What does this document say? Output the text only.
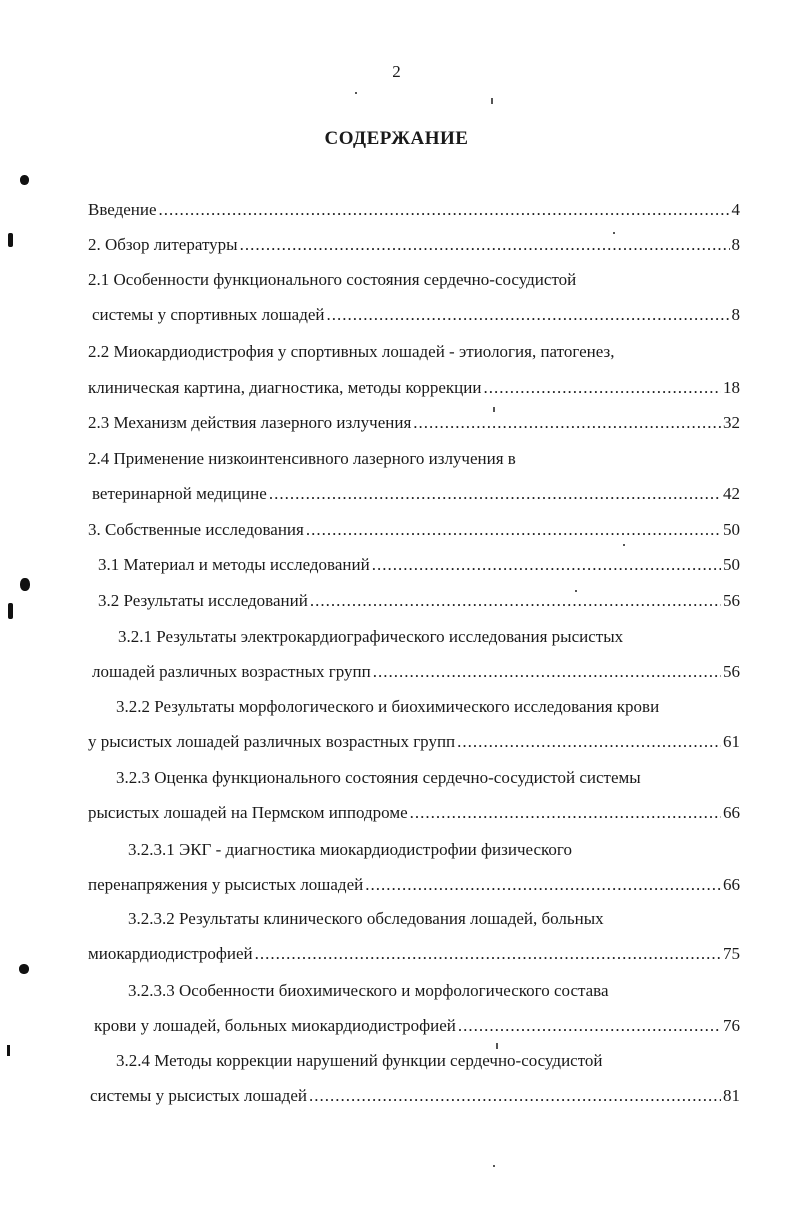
2
СОДЕРЖАНИЕ
Введение .....	4
2. Обзор литературы .....	8
2.1 Особенности функционального состояния сердечно-сосудистой
системы у спортивных лошадей .....	8
2.2 Миокардиодистрофия у спортивных лошадей - этиология, патогенез,
клиническая картина, диагностика, методы коррекции .....	18
2.3 Механизм действия лазерного излучения .....	32
2.4 Применение низкоинтенсивного лазерного излучения в
ветеринарной медицине .....	42
3. Собственные исследования .....	50
3.1 Материал и методы исследований .....	50
3.2 Результаты исследований .....	56
3.2.1 Результаты электрокардиографического исследования рысистых
лошадей различных возрастных групп .....	56
3.2.2 Результаты морфологического и биохимического исследования крови
у рысистых лошадей различных возрастных групп .....	61
3.2.3 Оценка функционального состояния сердечно-сосудистой системы
рысистых лошадей на Пермском ипподроме .....	66
3.2.3.1 ЭКГ - диагностика миокардиодистрофии физического
перенапряжения у рысистых лошадей .....	66
3.2.3.2 Результаты клинического обследования лошадей, больных
миокардиодистрофией .....	75
3.2.3.3 Особенности биохимического и морфологического состава
крови у лошадей, больных миокардиодистрофией .....	76
3.2.4 Методы коррекции нарушений функции сердечно-сосудистой
системы у рысистых лошадей .....	81
